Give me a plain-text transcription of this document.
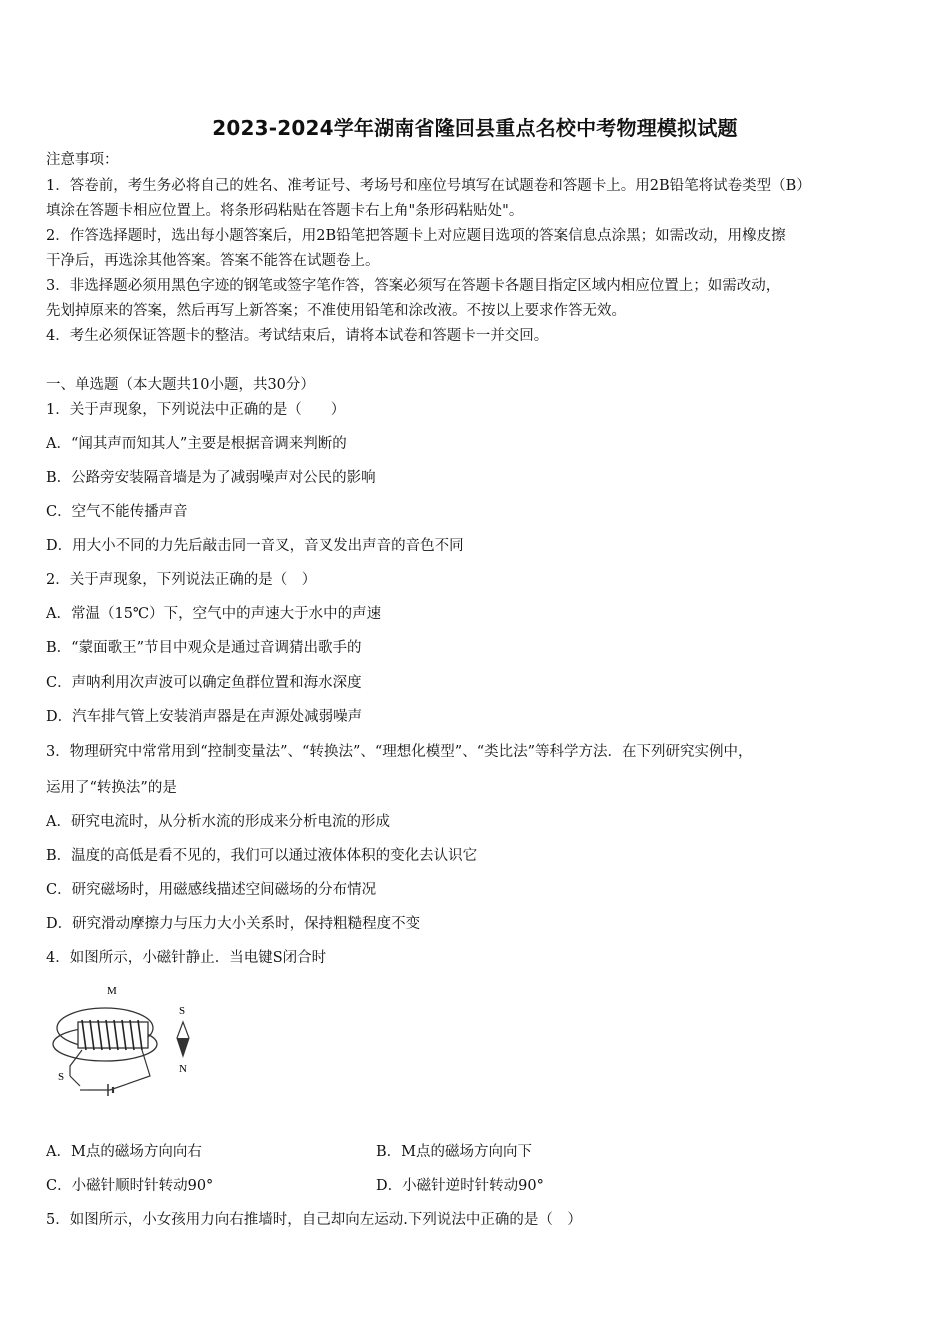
2023-2024学年湖南省隆回县重点名校中考物理模拟试题
注意事项：
1．答卷前，考生务必将自己的姓名、准考证号、考场号和座位号填写在试题卷和答题卡上。用2B铅笔将试卷类型（B）
填涂在答题卡相应位置上。将条形码粘贴在答题卡右上角"条形码粘贴处"。
2．作答选择题时，选出每小题答案后，用2B铅笔把答题卡上对应题目选项的答案信息点涂黑；如需改动，用橡皮擦
干净后，再选涂其他答案。答案不能答在试题卷上。
3．非选择题必须用黑色字迹的钢笔或签字笔作答，答案必须写在答题卡各题目指定区域内相应位置上；如需改动，
先划掉原来的答案，然后再写上新答案；不准使用铅笔和涂改液。不按以上要求作答无效。
4．考生必须保证答题卡的整洁。考试结束后，请将本试卷和答题卡一并交回。
一、单选题（本大题共10小题，共30分）
1．关于声现象，下列说法中正确的是（　　）
A．“闻其声而知其人”主要是根据音调来判断的
B．公路旁安装隔音墙是为了减弱噪声对公民的影响
C．空气不能传播声音
D．用大小不同的力先后敲击同一音叉，音叉发出声音的音色不同
2．关于声现象，下列说法正确的是（　）
A．常温（15℃）下，空气中的声速大于水中的声速
B．“蒙面歌王”节目中观众是通过音调猜出歌手的
C．声呐利用次声波可以确定鱼群位置和海水深度
D．汽车排气管上安装消声器是在声源处减弱噪声
3．物理研究中常常用到“控制变量法”、“转换法”、“理想化模型”、“类比法”等科学方法．在下列研究实例中，
运用了“转换法”的是
A．研究电流时，从分析水流的形成来分析电流的形成
B．温度的高低是看不见的，我们可以通过液体体积的变化去认识它
C．研究磁场时，用磁感线描述空间磁场的分布情况
D．研究滑动摩擦力与压力大小关系时，保持粗糙程度不变
4．如图所示，小磁针静止．当电键S闭合时
M
S
S
N
A．M点的磁场方向向右	B．M点的磁场方向向下
C．小磁针顺时针转动90°	D．小磁针逆时针转动90°
5．如图所示，小女孩用力向右推墙时，自己却向左运动.下列说法中正确的是（　）
